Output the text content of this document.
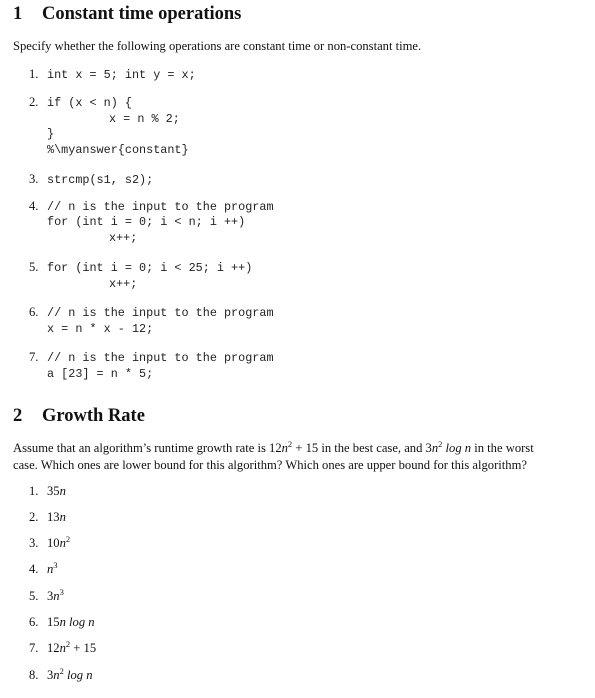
1 Constant time operations
Specify whether the following operations are constant time or non-constant time.
1. int x = 5; int y = x;
2. if (x < n) {
x = n % 2;
}
%\myanswer{constant}
3. strcmp(s1, s2);
4. // n is the input to the program
for (int i = 0; i < n; i ++)
x++;
5. for (int i = 0; i < 25; i ++)
x++;
6. // n is the input to the program
x = n * x - 12;
7. // n is the input to the program
a [23] = n * 5;
2 Growth Rate
Assume that an algorithm’s runtime growth rate is $12n^2 + 15$ in the best case, and $3n^2$ log n in the worst
case. Which ones are lower bound for this algorithm? Which ones are upper bound for this algorithm?
1. 35n
2. 13n
3. $10n^2$
4. $n^3$
5. $3n^3$
6. 15n log n
7. $12n^2 + 15$
8. $3n^2$ log n
